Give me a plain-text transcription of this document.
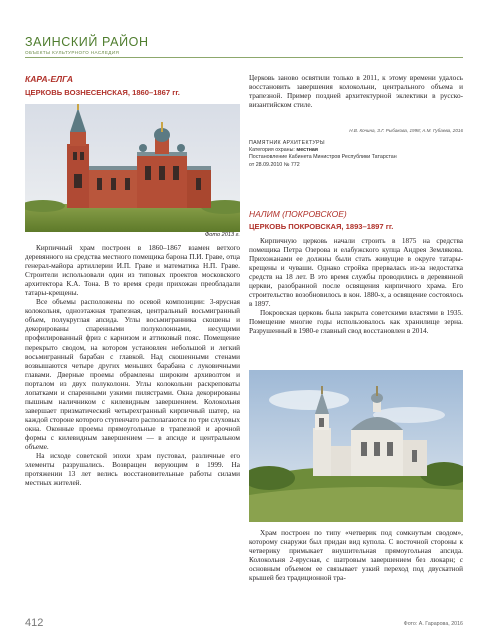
ЗАИНСКИЙ РАЙОН
ОБЪЕКТЫ КУЛЬТУРНОГО НАСЛЕДИЯ
КАРА-ЕЛГА
ЦЕРКОВЬ ВОЗНЕСЕНСКАЯ, 1860–1867 гг.
Фото 2013 г.

Кирпичный храм построен в 1860–1867 взамен ветхого деревянного на средства местного помещика барона П.И. Гравe, отца генерал-майора артиллерии И.П. Гравe и математика Н.П. Граве. Строители использовали один из типовых проектов московского архитектора К.А. Тона. В то время среди прихожан преобладали татары-крещены.

Все объемы расположены по осевой композиции: 3-ярусная колокольня, одноэтажная трапезная, центральный восьмигранный объем, полукруглая апсида. Углы восьмигранника скошены и декорированы спаренными полуколоннами, несущими профилированный фриз с карнизом и аттиковый пояс. Помещение перекрыто сводом, на котором установлен небольшой и легкий восьмигранный барабан с главкой. Над скошенными стенами возвышаются четыре других меньших барабана с луковичными главами. Дверные проемы обрамлены широким архиволтом и порталом из двух полуколонн. Углы колокольни раскреповаты лопатками и спаренными узкими пилястрами. Окна декорированы пышным наличником с килевидным завершением. Колокольня завершает призматический четырехгранный кирпичный шатер, на каждой стороне которого ступенчато располагаются по три слуховых окна. Оконные проемы прямоугольные в трапезной и арочной формы с килевидным завершением — в апсиде и центральном объеме.

На исходе советской эпохи храм пустовал, различные его элементы разрушались. Возвращен верующим в 1999. На протяжении 13 лет велись восстановительные работы силами местных жителей.

Церковь заново освятили только в 2011, к этому времени удалось восстановить завершения колокольни, центрального объема и трапезной. Пример поздней архитектурной эклектики в русско-византийском стиле.

Н.В. Кочина, З.Г. Рыбакова, 1998; А.М. Губаева, 2016
ПАМЯТНИК АРХИТЕКТУРЫ
Категория охраны: местная
Постановление Кабинета Министров Республики Татарстан
от 28.09.2010 № 772
НАЛИМ (ПОКРОВСКОЕ)
ЦЕРКОВЬ ПОКРОВСКАЯ, 1893–1897 гг.

Кирпичную церковь начали строить в 1875 на средства помещика Петра Озерова и елабужского купца Андрея Землякова. Прихожанами ее должны были стать живущие в округе татары-крещены и чуваши. Однако стройка прервалась из-за недостатка средств на 18 лет. В это время службы проводились в деревянной церкви, разобранной после освящения кирпичного храма. Его строительство возобновилось в кон. 1880-х, а освящение состоялось в 1897.

Покровская церковь была закрыта советскими властями в 1935. Помещение многие годы использовалось как хранилище зерна. Разрушенный в 1980-е главный свод восстановлен в 2014.

Храм построен по типу «четверик под сомкнутым сводом», которому снаружи был придан вид купола. С восточной стороны к четверику примыкает внушительная прямоугольная апсида. Колокольня 2-ярусная, с шатровым завершением без люкарн; с основным объемом ее связывает узкий переход под двускатной крышей без традиционной тра-

412	Фото: А. Гарарова, 2016
